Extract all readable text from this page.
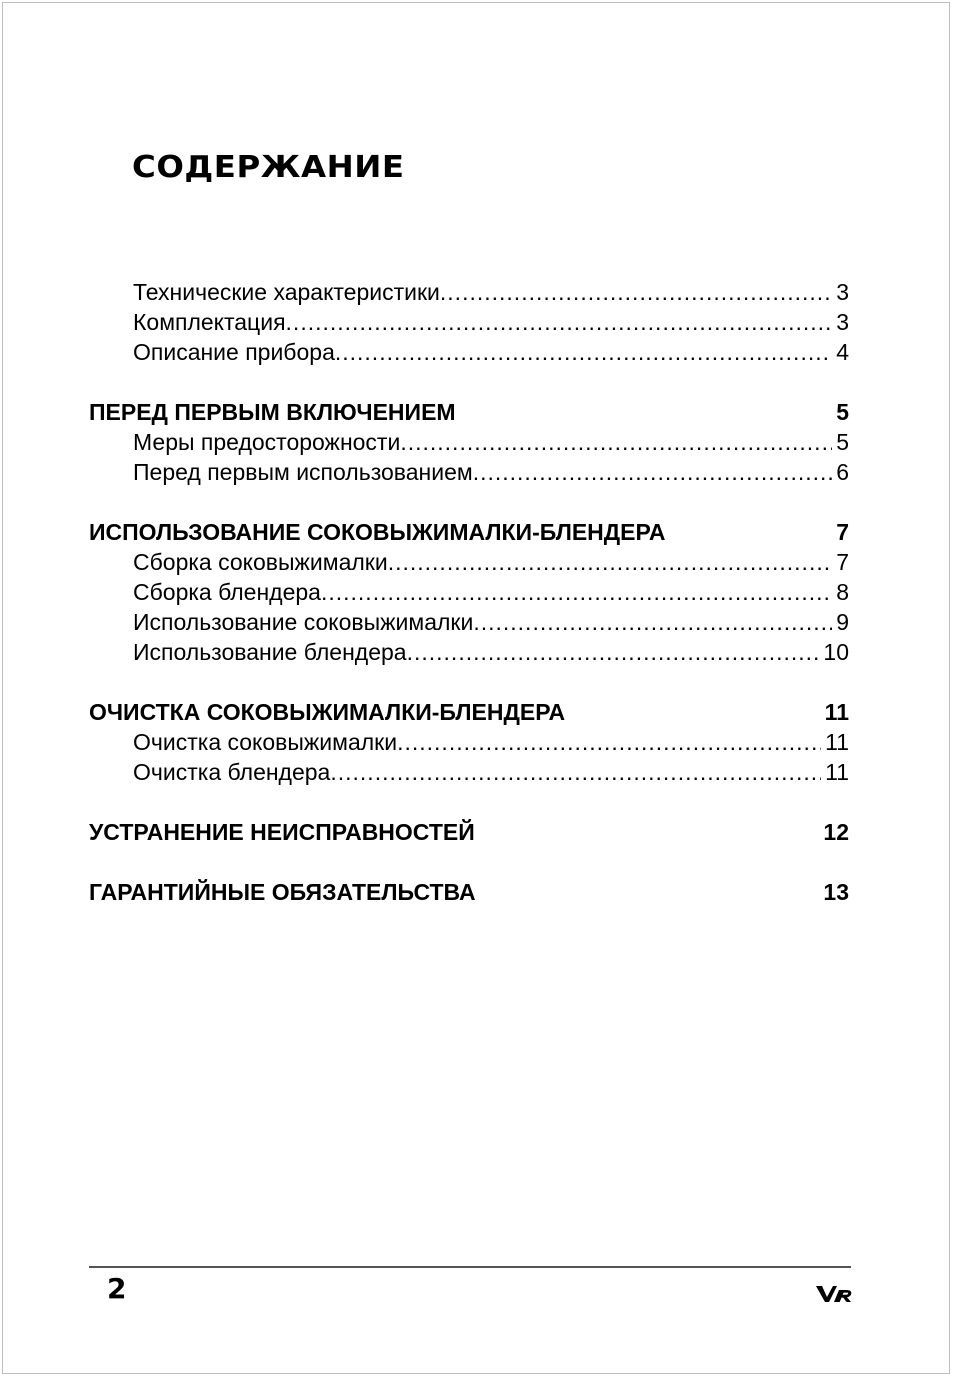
СОДЕРЖАНИЕ
Технические характеристики .....	3
Комплектация .....	3
Описание прибора .....	4
ПЕРЕД ПЕРВЫМ ВКЛЮЧЕНИЕМ	5
Меры предосторожности .....	5
Перед первым использованием .....	6
ИСПОЛЬЗОВАНИЕ СОКОВЫЖИМАЛКИ-БЛЕНДЕРА	7
Сборка соковыжималки .....	7
Сборка блендера .....	8
Использование соковыжималки .....	9
Использование блендера .....	10
ОЧИСТКА СОКОВЫЖИМАЛКИ-БЛЕНДЕРА	11
Очистка соковыжималки .....	11
Очистка блендера .....	11
УСТРАНЕНИЕ НЕИСПРАВНОСТЕЙ	12
ГАРАНТИЙНЫЕ ОБЯЗАТЕЛЬСТВА	13
2
